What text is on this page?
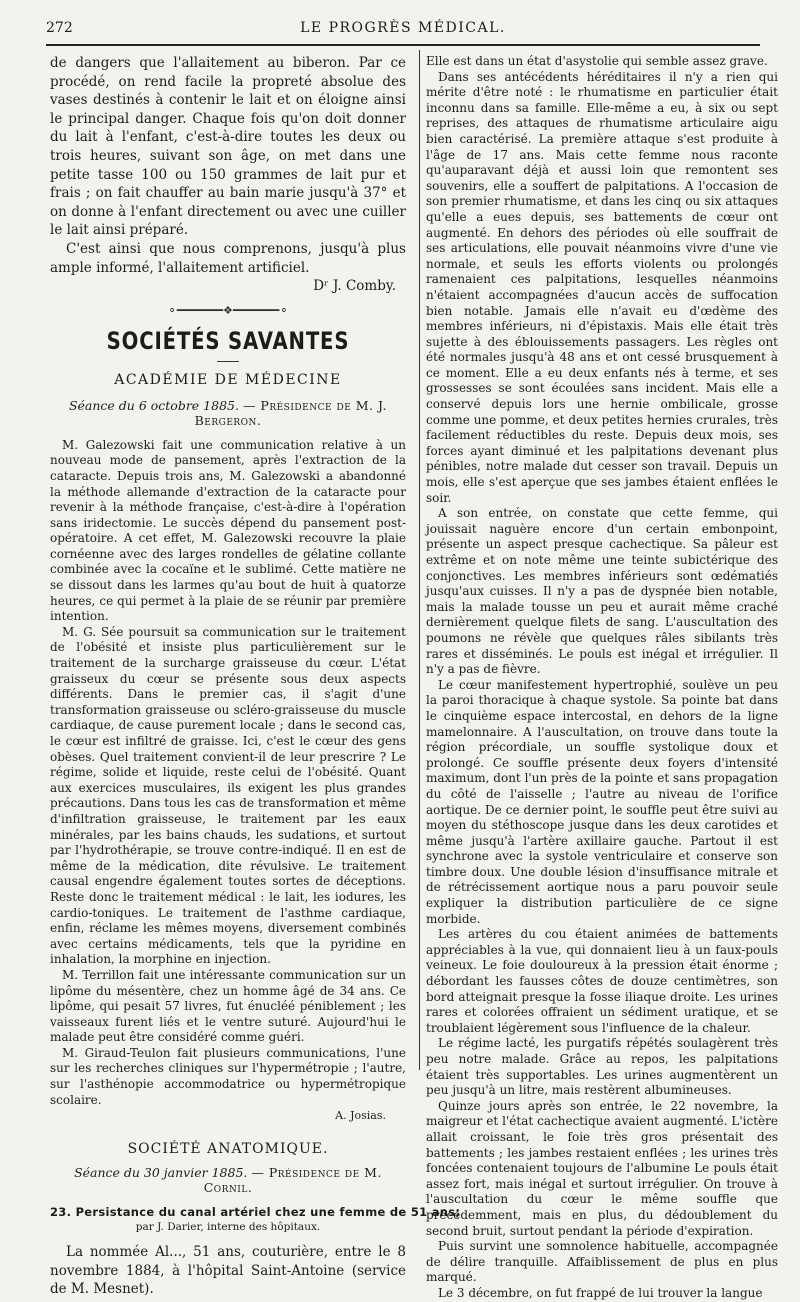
272	LE PROGRÈS MÉDICAL.

de dangers que l'allaitement au biberon. Par ce procédé, on rend facile la propreté absolue des vases destinés à contenir le lait et on éloigne ainsi le principal danger. Chaque fois qu'on doit donner du lait à l'enfant, c'est-à-dire toutes les deux ou trois heures, suivant son âge, on met dans une petite tasse 100 ou 150 grammes de lait pur et frais ; on fait chauffer au bain marie jusqu'à 37° et on donne à l'enfant directement ou avec une cuiller le lait ainsi préparé.

C'est ainsi que nous comprenons, jusqu'à plus ample informé, l'allaitement artificiel.

Dʳ J. Comby.
⚬━━━━━━━❖━━━━━━━⚬
SOCIÉTÉS SAVANTES
ACADÉMIE DE MÉDECINE
Séance du 6 octobre 1885. — Présidence de M. J. Bergeron.

M. Galezowski fait une communication relative à un nouveau mode de pansement, après l'extraction de la cataracte. Depuis trois ans, M. Galezowski a abandonné la méthode allemande d'extraction de la cataracte pour revenir à la méthode française, c'est-à-dire à l'opération sans iridectomie. Le succès dépend du pansement post-opératoire. A cet effet, M. Galezowski recouvre la plaie cornéenne avec des larges rondelles de gélatine collante combinée avec la cocaïne et le sublimé. Cette matière ne se dissout dans les larmes qu'au bout de huit à quatorze heures, ce qui permet à la plaie de se réunir par première intention.

M. G. Sée poursuit sa communication sur le traitement de l'obésité et insiste plus particulièrement sur le traitement de la surcharge graisseuse du cœur. L'état graisseux du cœur se présente sous deux aspects différents. Dans le premier cas, il s'agit d'une transformation graisseuse ou scléro-graisseuse du muscle cardiaque, de cause purement locale ; dans le second cas, le cœur est infiltré de graisse. Ici, c'est le cœur des gens obèses. Quel traitement convient-il de leur prescrire ? Le régime, solide et liquide, reste celui de l'obésité. Quant aux exercices musculaires, ils exigent les plus grandes précautions. Dans tous les cas de transformation et même d'infiltration graisseuse, le traitement par les eaux minérales, par les bains chauds, les sudations, et surtout par l'hydrothérapie, se trouve contre-indiqué. Il en est de même de la médication, dite révulsive. Le traitement causal engendre également toutes sortes de déceptions. Reste donc le traitement médical : le lait, les iodures, les cardio-toniques. Le traitement de l'asthme cardiaque, enfin, réclame les mêmes moyens, diversement combinés avec certains médicaments, tels que la pyridine en inhalation, la morphine en injection.

M. Terrillon fait une intéressante communication sur un lipôme du mésentère, chez un homme âgé de 34 ans. Ce lipôme, qui pesait 57 livres, fut énucléé péniblement ; les vaisseaux furent liés et le ventre suturé. Aujourd'hui le malade peut être considéré comme guéri.

M. Giraud-Teulon fait plusieurs communications, l'une sur les recherches cliniques sur l'hypermétropie ; l'autre, sur l'asthénopie accommodatrice ou hypermétropique scolaire.

A. Josias.
SOCIÉTÉ ANATOMIQUE.
Séance du 30 janvier 1885. — Présidence de M. Cornil.
23. Persistance du canal artériel chez une femme de 51 ans;
par J. Darier, interne des hôpitaux.

La nommée Al..., 51 ans, couturière, entre le 8 novembre 1884, à l'hôpital Saint-Antoine (service de M. Mesnet).

Elle est dans un état d'asystolie qui semble assez grave.

Dans ses antécédents héréditaires il n'y a rien qui mérite d'être noté : le rhumatisme en particulier était inconnu dans sa famille. Elle-même a eu, à six ou sept reprises, des attaques de rhumatisme articulaire aigu bien caractérisé. La première attaque s'est produite à l'âge de 17 ans. Mais cette femme nous raconte qu'auparavant déjà et aussi loin que remontent ses souvenirs, elle a souffert de palpitations. A l'occasion de son premier rhumatisme, et dans les cinq ou six attaques qu'elle a eues depuis, ses battements de cœur ont augmenté. En dehors des périodes où elle souffrait de ses articulations, elle pouvait néanmoins vivre d'une vie normale, et seuls les efforts violents ou prolongés ramenaient ces palpitations, lesquelles néanmoins n'étaient accompagnées d'aucun accès de suffocation bien notable. Jamais elle n'avait eu d'œdème des membres inférieurs, ni d'épistaxis. Mais elle était très sujette à des éblouissements passagers. Les règles ont été normales jusqu'à 48 ans et ont cessé brusquement à ce moment. Elle a eu deux enfants nés à terme, et ses grossesses se sont écoulées sans incident. Mais elle a conservé depuis lors une hernie ombilicale, grosse comme une pomme, et deux petites hernies crurales, très facilement réductibles du reste. Depuis deux mois, ses forces ayant diminué et les palpitations devenant plus pénibles, notre malade dut cesser son travail. Depuis un mois, elle s'est aperçue que ses jambes étaient enflées le soir.

A son entrée, on constate que cette femme, qui jouissait naguère encore d'un certain embonpoint, présente un aspect presque cachectique. Sa pâleur est extrême et on note même une teinte subictérique des conjonctives. Les membres inférieurs sont œdématiés jusqu'aux cuisses. Il n'y a pas de dyspnée bien notable, mais la malade tousse un peu et aurait même craché dernièrement quelque filets de sang. L'auscultation des poumons ne révèle que quelques râles sibilants très rares et disséminés. Le pouls est inégal et irrégulier. Il n'y a pas de fièvre.

Le cœur manifestement hypertrophié, soulève un peu la paroi thoracique à chaque systole. Sa pointe bat dans le cinquième espace intercostal, en dehors de la ligne mamelonnaire. A l'auscultation, on trouve dans toute la région précordiale, un souffle systolique doux et prolongé. Ce souffle présente deux foyers d'intensité maximum, dont l'un près de la pointe et sans propagation du côté de l'aisselle ; l'autre au niveau de l'orifice aortique. De ce dernier point, le souffle peut être suivi au moyen du stéthoscope jusque dans les deux carotides et même jusqu'à l'artère axillaire gauche. Partout il est synchrone avec la systole ventriculaire et conserve son timbre doux. Une double lésion d'insuffisance mitrale et de rétrécissement aortique nous a paru pouvoir seule expliquer la distribution particulière de ce signe morbide.

Les artères du cou étaient animées de battements appréciables à la vue, qui donnaient lieu à un faux-pouls veineux. Le foie douloureux à la pression était énorme ; débordant les fausses côtes de douze centimètres, son bord atteignait presque la fosse iliaque droite. Les urines rares et colorées offraient un sédiment uratique, et se troublaient légèrement sous l'influence de la chaleur.

Le régime lacté, les purgatifs répétés soulagèrent très peu notre malade. Grâce au repos, les palpitations étaient très supportables. Les urines augmentèrent un peu jusqu'à un litre, mais restèrent albumineuses.

Quinze jours après son entrée, le 22 novembre, la maigreur et l'état cachectique avaient augmenté. L'ictère allait croissant, le foie très gros présentait des battements ; les jambes restaient enflées ; les urines très foncées contenaient toujours de l'albumine Le pouls était assez fort, mais inégal et surtout irrégulier. On trouve à l'auscultation du cœur le même souffle que précédemment, mais en plus, du dédoublement du second bruit, surtout pendant la période d'expiration.

Puis survint une somnolence habituelle, accompagnée de délire tranquille. Affaiblissement de plus en plus marqué.

Le 3 décembre, on fut frappé de lui trouver la langue
